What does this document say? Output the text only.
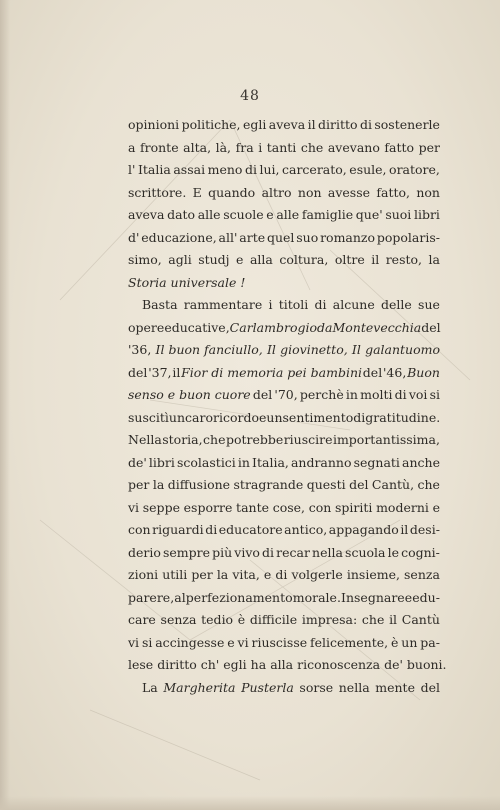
48
opinioni politiche, egli aveva il diritto di sostenerle
a fronte alta, là, fra i tanti che avevano fatto per
l' Italia assai meno di lui, carcerato, esule, oratore,
scrittore. E quando altro non avesse fatto, non
aveva dato alle scuole e alle famiglie que' suoi libri
d' educazione, all' arte quel suo romanzo popolaris-
simo, agli studj e alla coltura, oltre il resto, la
Storia universale !
Basta rammentare i titoli di alcune delle sue
opere educative, Carlambrogio da Montevecchia del
'36, Il buon fanciullo, Il giovinetto, Il galantuomo
del '37, il Fior di memoria pei bambini del '46, Buon
senso e buon cuore del '70, perchè in molti di voi si
suscitì un caro ricordo e un sentimento di gratitudine.
Nella storia, che potrebbe riuscire importantissima,
de' libri scolastici in Italia, andranno segnati anche
per la diffusione stragrande questi del Cantù, che
vi seppe esporre tante cose, con spiriti moderni e
con riguardi di educatore antico, appagando il desi-
derio sempre più vivo di recar nella scuola le cogni-
zioni utili per la vita, e di volgerle insieme, senza
parere, al perfezionamento morale. Insegnare e edu-
care senza tedio è difficile impresa: che il Cantù
vi si accingesse e vi riuscisse felicemente, è un pa-
lese diritto ch' egli ha alla riconoscenza de' buoni.
La Margherita Pusterla sorse nella mente del
